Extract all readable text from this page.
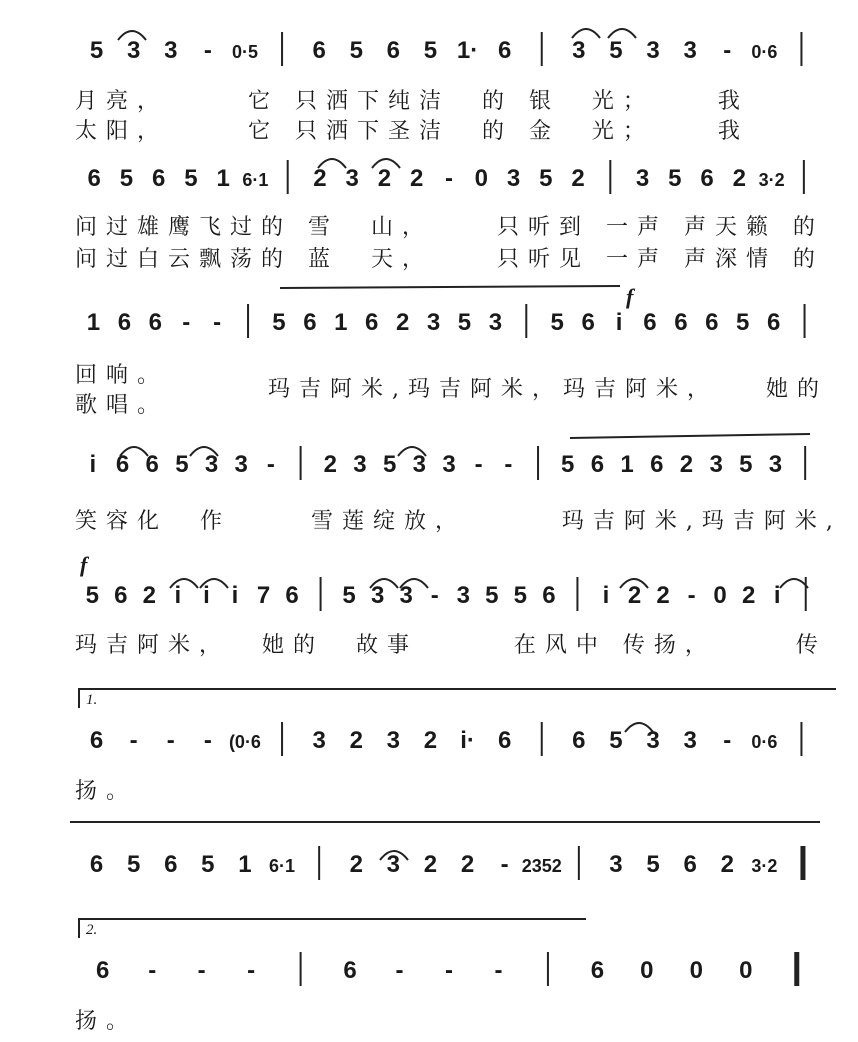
5 3 3 - 0·5 6 5 6 5 1· 6	3 5 3 3 - 0·6
6 5 6 5 1 6·1 2 3 2 2 - 0 3 5 2 3 5 6 2 3·2
1 6 6 - - 5 6 1 6 2 3 5 3 5 6 i 6 6 6 5 6
i 6 6 5 3 3 - 2 3 5 3 3 - - 5 6 1 6 2 3 5 3
5 6 2 i i i 7 6 5 3 3 - 3 5 5 6 i 2 2 - 0 2 i
6 - - - (0·6 3 2 3 2 i· 6	6 5 3 3 - 0·6
6 5 6 5 1 6·1 2 3 2 2 - 2352 3 5 6 2 3·2
6 - - -	6 - - -	6 0 0 0
月亮，     它 只洒下纯洁  的 银  光；    我
太阳，     它 只洒下圣洁  的 金  光；    我
问过雄鹰飞过的 雪  山，    只听到 一声 声天籁 的
问过白云飘荡的 蓝  天，    只听见 一声 声深情 的
回响。
歌唱。
玛吉阿米,玛吉阿米，玛吉阿米，   她的
笑容化  作     雪莲绽放，      玛吉阿米,玛吉阿米,
玛吉阿米，  她的  故事      在风中 传扬，     传
扬。
扬。
f
f
1.
2.
